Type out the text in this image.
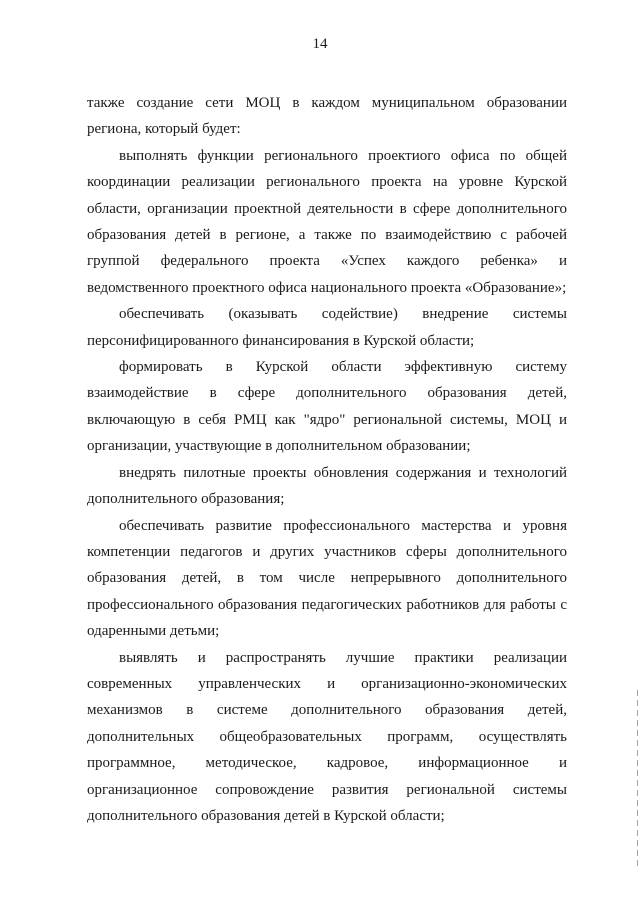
14

также создание сети МОЦ в каждом муниципальном образовании региона, который будет:

выполнять функции регионального проектиого офиса по общей координации реализации регионального проекта на уровне Курской области, организации проектной деятельности в сфере дополнительного образования детей в регионе, а также по взаимодействию с рабочей группой федерального проекта «Успех каждого ребенка» и ведомственного проектного офиса национального проекта «Образование»;

обеспечивать (оказывать содействие) внедрение системы персонифицированного финансирования в Курской области;

формировать в Курской области эффективную систему взаимодействие в сфере дополнительного образования детей, включающую в себя РМЦ как "ядро" региональной системы, МОЦ и организации, участвующие в дополнительном образовании;

внедрять пилотные проекты обновления содержания и технологий дополнительного образования;

обеспечивать развитие профессионального мастерства и уровня компетенции педагогов и других участников сферы дополнительного образования детей, в том числе непрерывного дополнительного профессионального образования педагогических работников для работы с одаренными детьми;

выявлять и распространять лучшие практики реализации современных управленческих и организационно-экономических механизмов в системе дополнительного образования детей, дополнительных общеобразовательных программ, осуществлять программное, методическое, кадровое, информационное и организационное сопровождение развития региональной системы дополнительного образования детей в Курской области;
